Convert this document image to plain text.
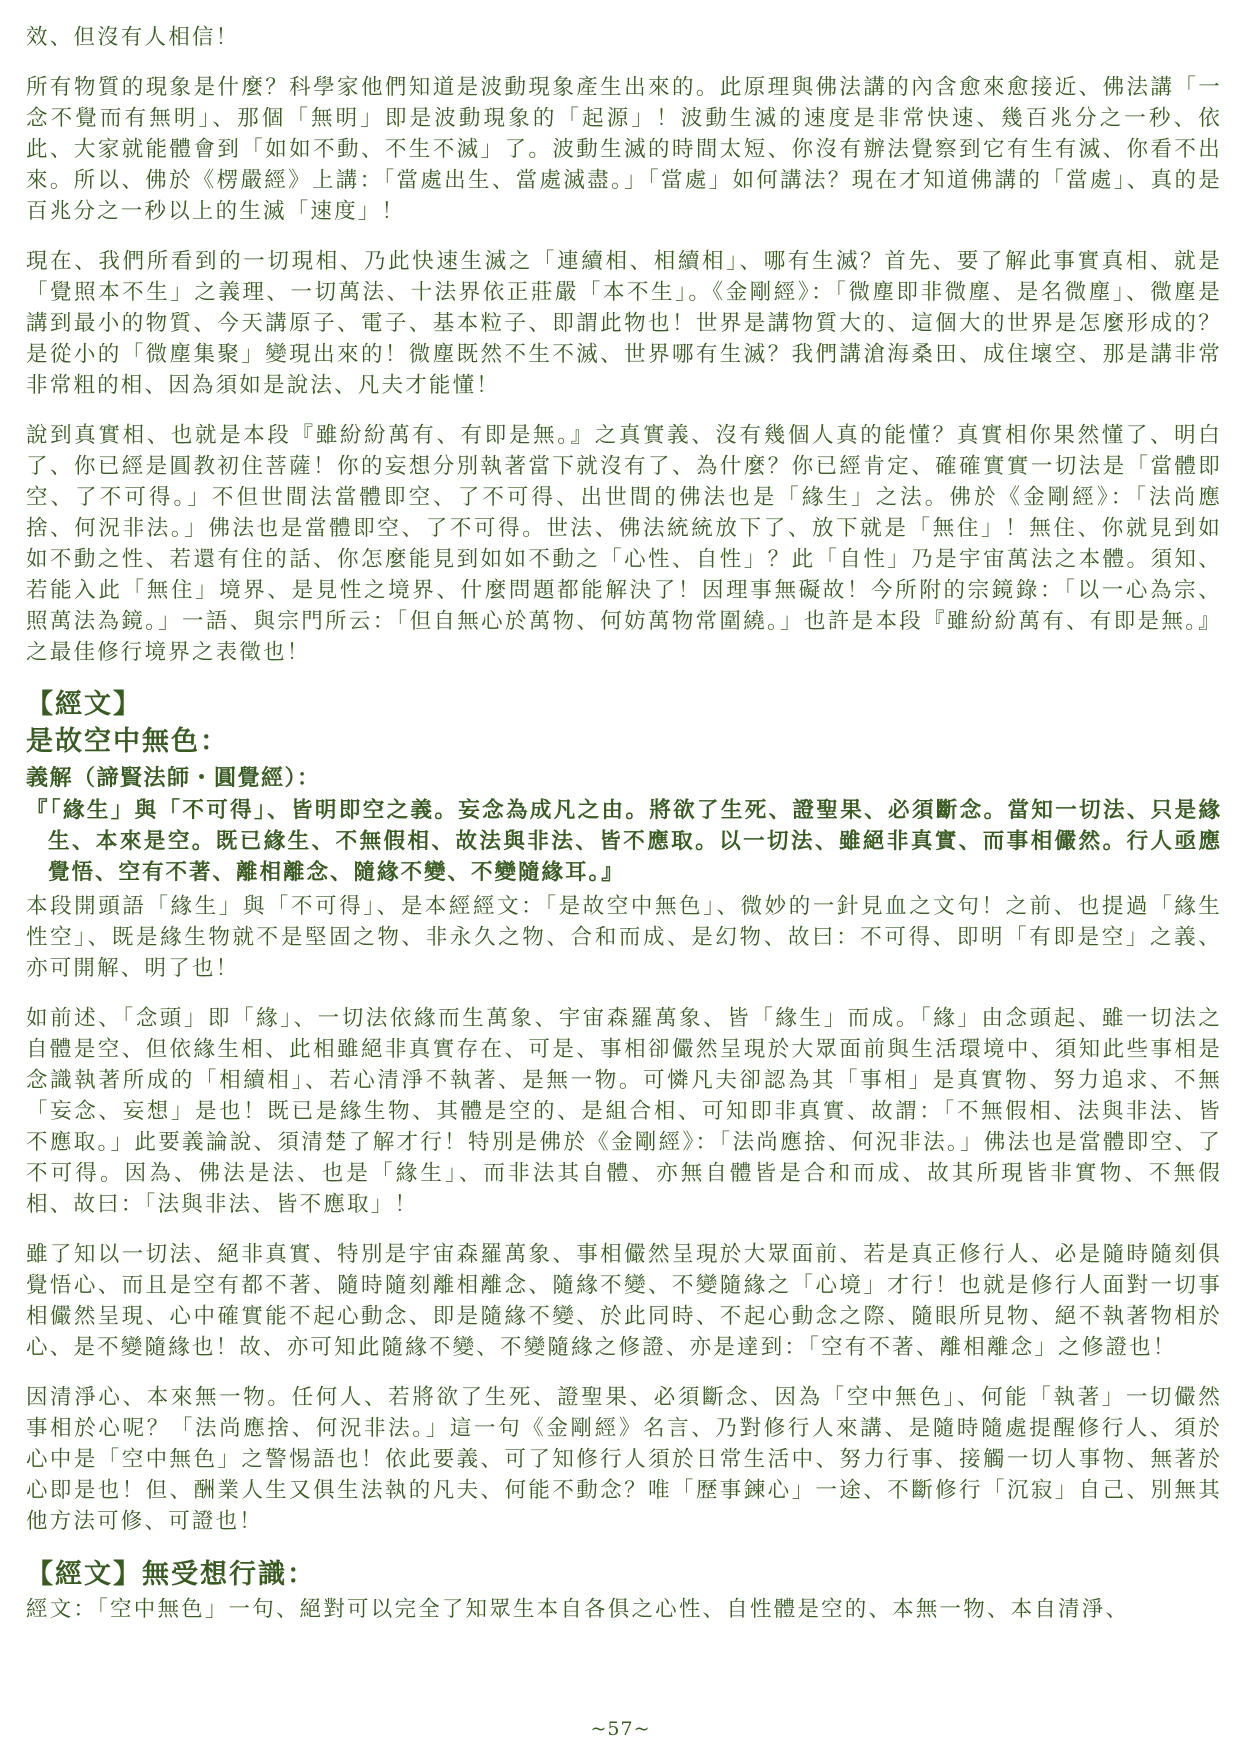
效、但沒有人相信！

所有物質的現象是什麼？科學家他們知道是波動現象產生出來的。此原理與佛法講的內含愈來愈接近、佛法講「一念不覺而有無明」、那個「無明」即是波動現象的「起源」！波動生滅的速度是非常快速、幾百兆分之一秒、依此、大家就能體會到「如如不動、不生不滅」了。波動生滅的時間太短、你沒有辦法覺察到它有生有滅、你看不出來。所以、佛於《楞嚴經》上講：「當處出生、當處滅盡。」「當處」如何講法？現在才知道佛講的「當處」、真的是百兆分之一秒以上的生滅「速度」！

現在、我們所看到的一切現相、乃此快速生滅之「連續相、相續相」、哪有生滅？首先、要了解此事實真相、就是「覺照本不生」之義理、一切萬法、十法界依正莊嚴「本不生」。《金剛經》：「微塵即非微塵、是名微塵」、微塵是講到最小的物質、今天講原子、電子、基本粒子、即謂此物也！世界是講物質大的、這個大的世界是怎麼形成的？是從小的「微塵集聚」變現出來的！微塵既然不生不滅、世界哪有生滅？我們講滄海桑田、成住壞空、那是講非常非常粗的相、因為須如是說法、凡夫才能懂！

說到真實相、也就是本段『雖紛紛萬有、有即是無。』之真實義、沒有幾個人真的能懂？真實相你果然懂了、明白了、你已經是圓教初住菩薩！你的妄想分別執著當下就沒有了、為什麼？你已經肯定、確確實實一切法是「當體即空、了不可得。」不但世間法當體即空、了不可得、出世間的佛法也是「緣生」之法。佛於《金剛經》：「法尚應捨、何況非法。」佛法也是當體即空、了不可得。世法、佛法統統放下了、放下就是「無住」！無住、你就見到如如不動之性、若還有住的話、你怎麼能見到如如不動之「心性、自性」？此「自性」乃是宇宙萬法之本體。須知、若能入此「無住」境界、是見性之境界、什麼問題都能解決了！因理事無礙故！今所附的宗鏡錄：「以一心為宗、照萬法為鏡。」一語、與宗門所云：「但自無心於萬物、何妨萬物常圍繞。」也許是本段『雖紛紛萬有、有即是無。』之最佳修行境界之表徵也！

【經文】
是故空中無色：
義解（諦賢法師・圓覺經）：
『「緣生」與「不可得」、皆明即空之義。妄念為成凡之由。將欲了生死、證聖果、必須斷念。當知一切法、只是緣生、本來是空。既已緣生、不無假相、故法與非法、皆不應取。以一切法、雖絕非真實、而事相儼然。行人亟應覺悟、空有不著、離相離念、隨緣不變、不變隨緣耳。』

本段開頭語「緣生」與「不可得」、是本經經文：「是故空中無色」、微妙的一針見血之文句！之前、也提過「緣生性空」、既是緣生物就不是堅固之物、非永久之物、合和而成、是幻物、故曰：不可得、即明「有即是空」之義、亦可開解、明了也！

如前述、「念頭」即「緣」、一切法依緣而生萬象、宇宙森羅萬象、皆「緣生」而成。「緣」由念頭起、雖一切法之自體是空、但依緣生相、此相雖絕非真實存在、可是、事相卻儼然呈現於大眾面前與生活環境中、須知此些事相是念識執著所成的「相續相」、若心清淨不執著、是無一物。可憐凡夫卻認為其「事相」是真實物、努力追求、不無「妄念、妄想」是也！既已是緣生物、其體是空的、是組合相、可知即非真實、故謂：「不無假相、法與非法、皆不應取。」此要義論說、須清楚了解才行！特別是佛於《金剛經》：「法尚應捨、何況非法。」佛法也是當體即空、了不可得。因為、佛法是法、也是「緣生」、而非法其自體、亦無自體皆是合和而成、故其所現皆非實物、不無假相、故曰：「法與非法、皆不應取」！

雖了知以一切法、絕非真實、特別是宇宙森羅萬象、事相儼然呈現於大眾面前、若是真正修行人、必是隨時隨刻俱覺悟心、而且是空有都不著、隨時隨刻離相離念、隨緣不變、不變隨緣之「心境」才行！也就是修行人面對一切事相儼然呈現、心中確實能不起心動念、即是隨緣不變、於此同時、不起心動念之際、隨眼所見物、絕不執著物相於心、是不變隨緣也！故、亦可知此隨緣不變、不變隨緣之修證、亦是達到：「空有不著、離相離念」之修證也！

因清淨心、本來無一物。任何人、若將欲了生死、證聖果、必須斷念、因為「空中無色」、何能「執著」一切儼然事相於心呢？「法尚應捨、何況非法。」這一句《金剛經》名言、乃對修行人來講、是隨時隨處提醒修行人、須於心中是「空中無色」之警惕語也！依此要義、可了知修行人須於日常生活中、努力行事、接觸一切人事物、無著於心即是也！但、酬業人生又俱生法執的凡夫、何能不動念？唯「歷事鍊心」一途、不斷修行「沉寂」自己、別無其他方法可修、可證也！

【經文】無受想行識：

經文：「空中無色」一句、絕對可以完全了知眾生本自各俱之心性、自性體是空的、本無一物、本自清淨、

~57~
